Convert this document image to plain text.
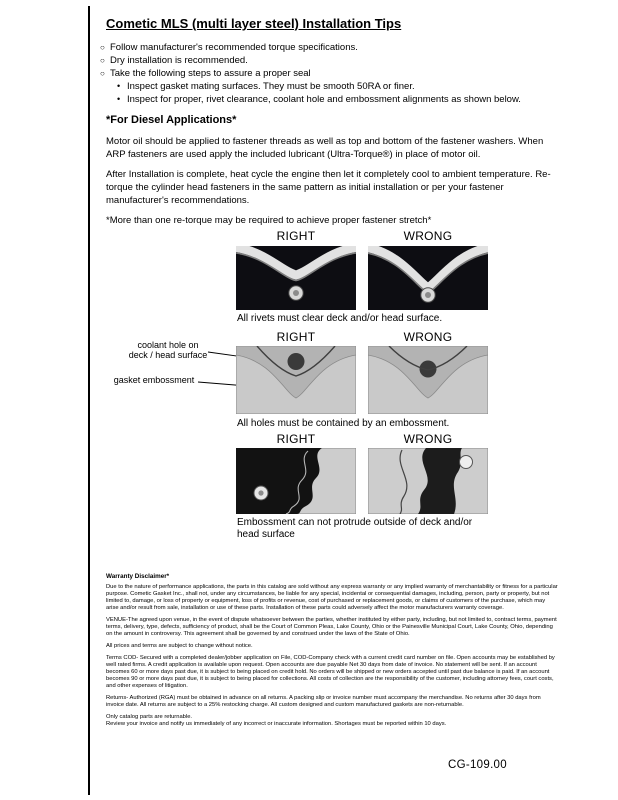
Cometic MLS (multi layer steel) Installation Tips
○ Follow manufacturer's recommended torque specifications.
○ Dry installation is recommended.
○ Take the following steps to assure a proper seal
• Inspect gasket mating surfaces. They must be smooth 50RA or finer.
• Inspect for proper, rivet clearance, coolant hole and embossment alignments as shown below.
*For Diesel Applications*

Motor oil should be applied to fastener threads as well as top and bottom of the fastener washers. When ARP fasteners are used apply the included lubricant (Ultra-Torque®) in place of motor oil.

After Installation is complete, heat cycle the engine then let it completely cool to ambient temperature. Re-torque the cylinder head fasteners in the same pattern as initial installation or per your fastener manufacturer's recommendations.

*More than one re-torque may be required to achieve proper fastener stretch*

RIGHT	WRONG
All rivets must clear deck and/or head surface.
RIGHT	WRONG
coolant hole on
deck / head surface
gasket embossment
All holes must be contained by an embossment.
RIGHT	WRONG
Embossment can not protrude outside of deck and/or head surface
Warranty Disclaimer*

Due to the nature of performance applications, the parts in this catalog are sold without any express warranty or any implied warranty of merchantability or fitness for a particular purpose. Cometic Gasket Inc., shall not, under any circumstances, be liable for any special, incidental or consequential damages, including, person, party or property, but not limited to, damage, or loss of property or equipment, loss of profits or revenue, cost of purchased or replacement goods, or claims of customers of the purchase, which may arise and/or result from sale, installation or use of these parts. Installation of these parts could adversely affect the motor manufacturers warranty coverage.

VENUE-The agreed upon venue, in the event of dispute whatsoever between the parties, whether instituted by either party, including, but not limited to, contract terms, payment terms, delivery, type, defects, sufficiency of product, shall be the Court of Common Pleas, Lake County, Ohio or the Painesville Municipal Court, Lake County, Ohio, depending on the amount in controversy. This agreement shall be governed by and construed under the laws of the State of Ohio.

All prices and terms are subject to change without notice.

Terms COD- Secured with a completed dealer/jobber application on File, COD-Company check with a current credit card number on file. Open accounts may be established by well rated firms. A credit application is available upon request. Open accounts are due payable Net 30 days from date of invoice. No statement will be sent. If an account becomes 60 or more days past due, it is subject to being placed on credit hold. No orders will be shipped or new orders accepted until past due balance is paid. If an account becomes 90 or more days past due, it is subject to being placed for collections. All costs of collection are the responsibility of the customer, including attorney fees, court costs, and other expenses of litigation.

Returns- Authorized (RGA) must be obtained in advance on all returns. A packing slip or invoice number must accompany the merchandise. No returns after 30 days from invoice date. All returns are subject to a 25% restocking charge. All custom designed and custom manufactured gaskets are non-returnable.

Only catalog parts are returnable.

Review your invoice and notify us immediately of any incorrect or inaccurate information. Shortages must be reported within 10 days.

CG-109.00
